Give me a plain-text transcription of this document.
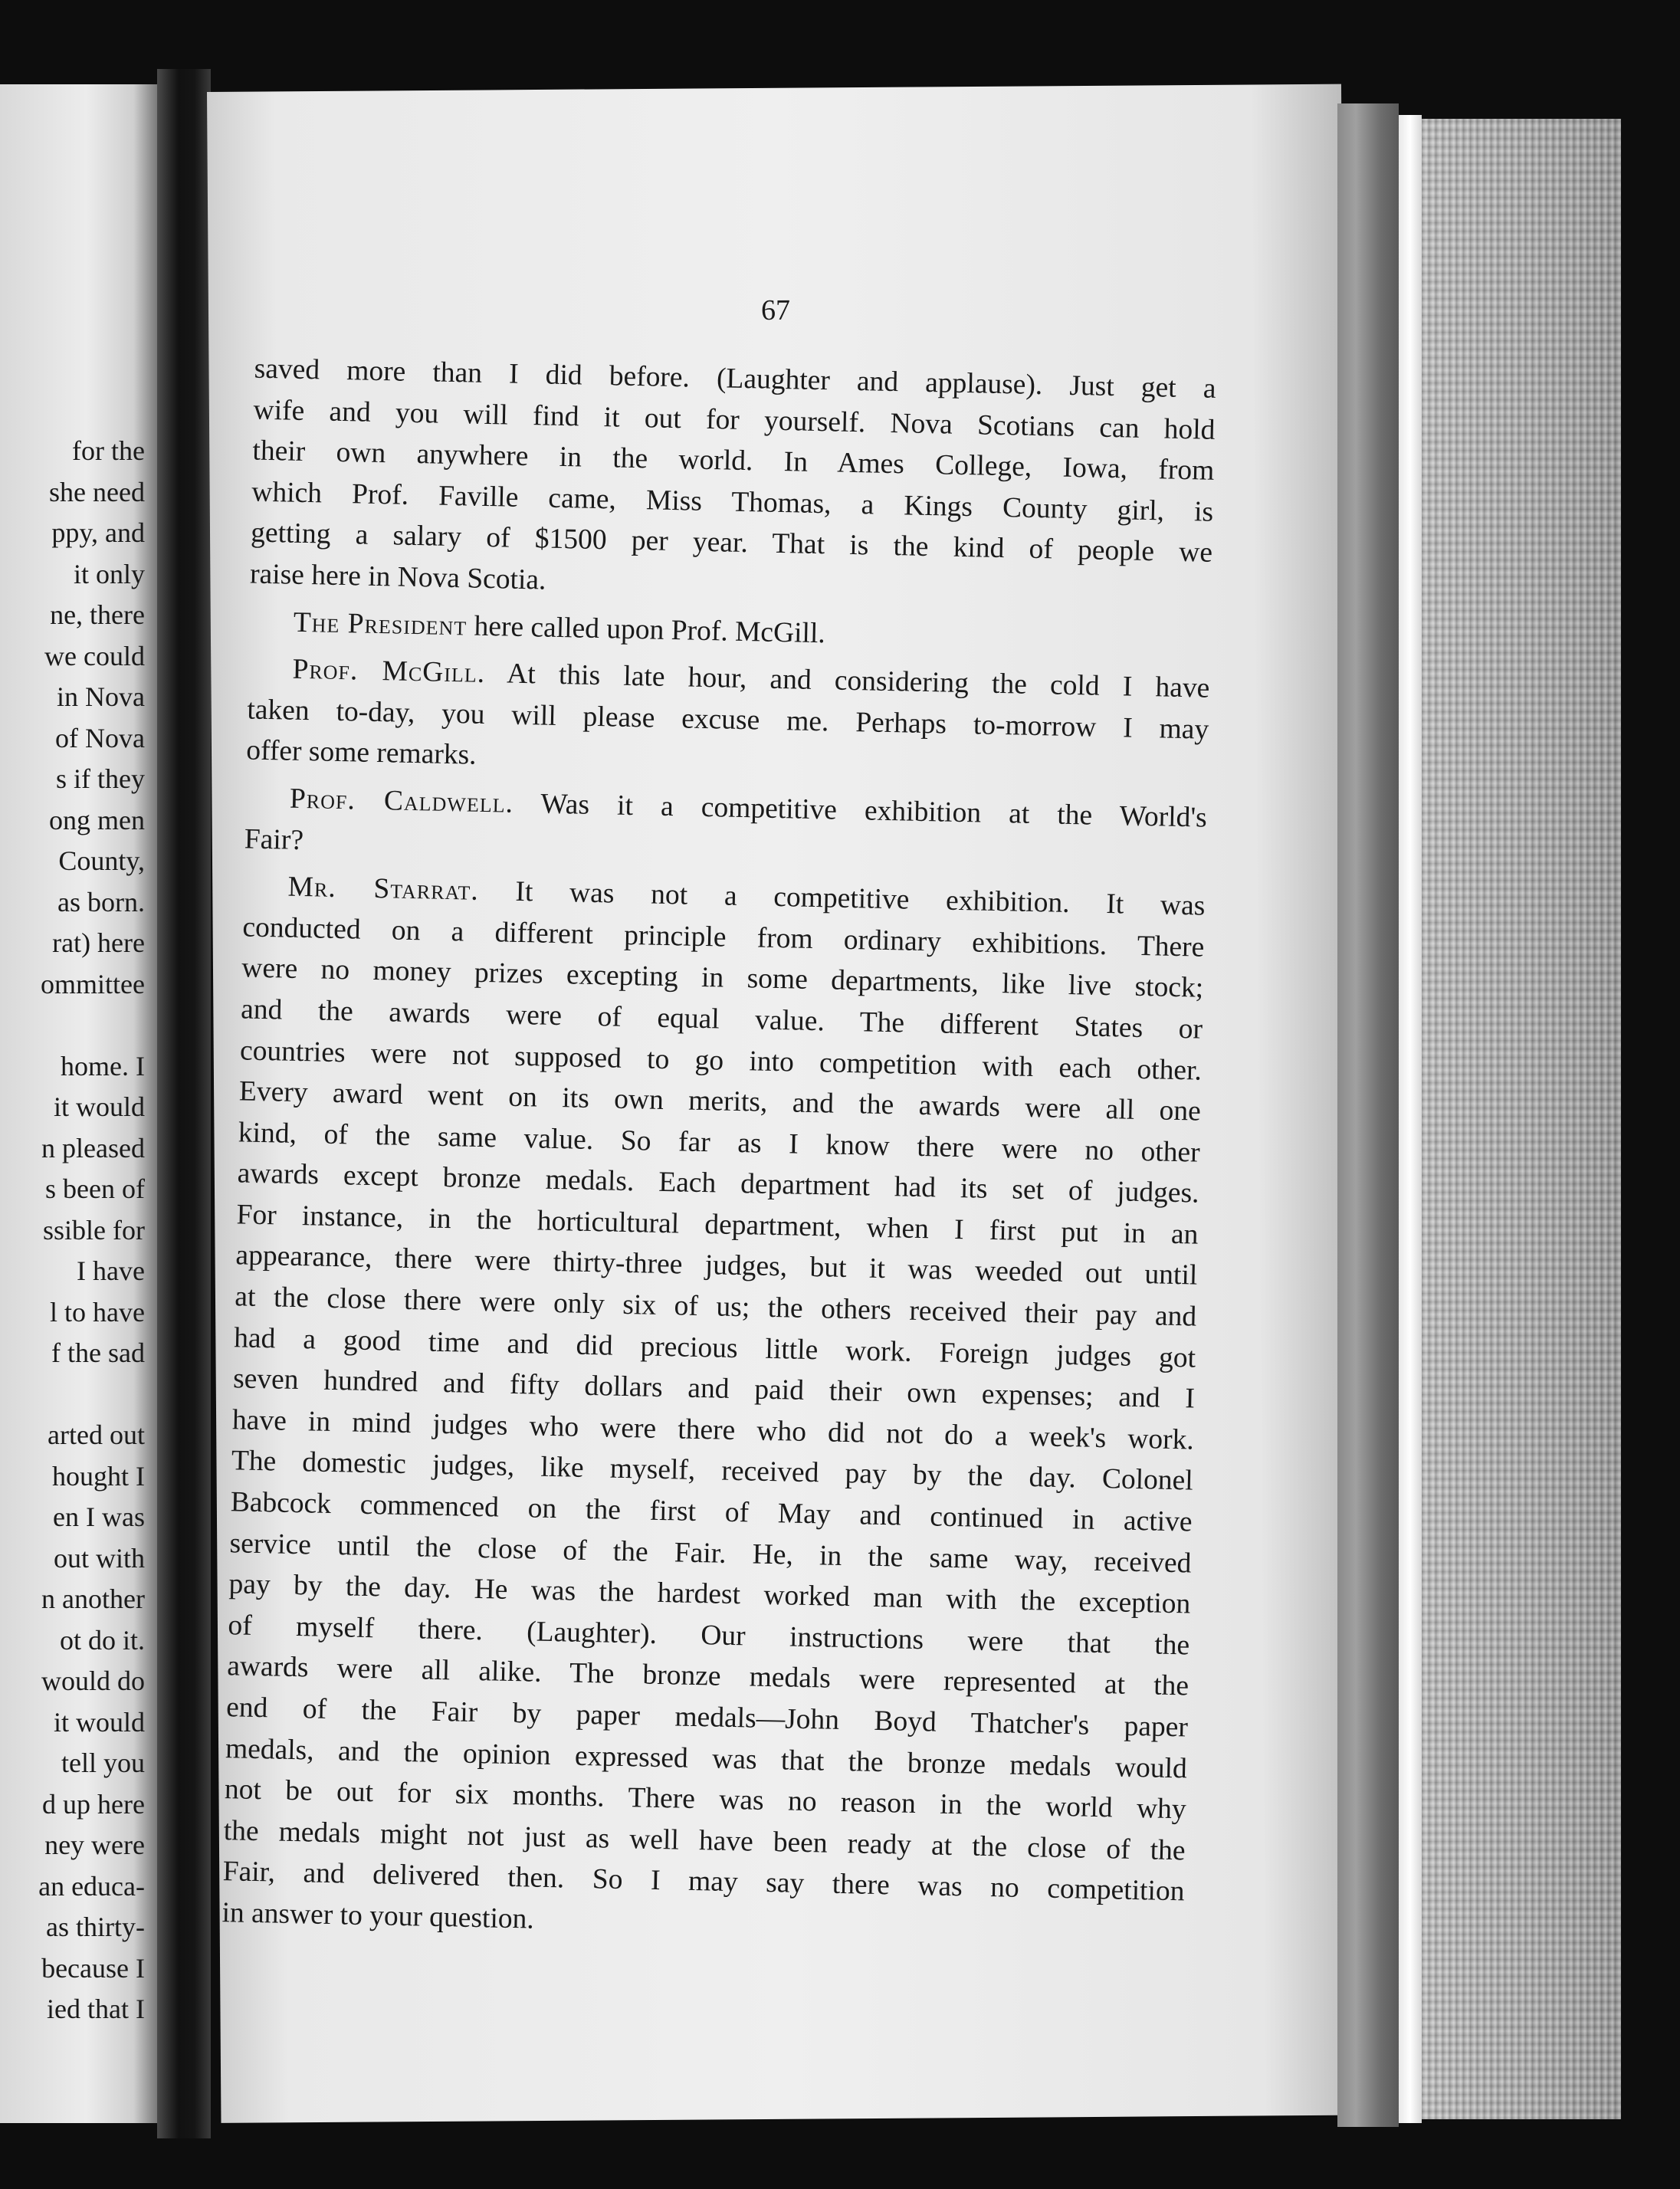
for the
she need
ppy, and
it only
ne, there
we could
in Nova
of Nova
s if they
ong men
County,
as born.
rat) here
ommittee
home. I
it would
n pleased
s been of
ssible for
I have
l to have
f the sad
arted out
hought I
en I was
out with
n another
ot do it.
would do
it would
tell you
d up here
ney were
an educa-
as thirty-
because I
ied that I
67

saved more than I did before. (Laughter and applause). Just get a
wife and you will find it out for yourself. Nova Scotians can hold
their own anywhere in the world. In Ames College, Iowa, from
which Prof. Faville came, Miss Thomas, a Kings County girl, is
getting a salary of $1500 per year. That is the kind of people we
raise here in Nova Scotia.

The President here called upon Prof. McGill.

Prof. McGill. At this late hour, and considering the cold I have
taken to-day, you will please excuse me. Perhaps to-morrow I may
offer some remarks.

Prof. Caldwell. Was it a competitive exhibition at the World's
Fair?

Mr. Starrat. It was not a competitive exhibition. It was
conducted on a different principle from ordinary exhibitions. There
were no money prizes excepting in some departments, like live stock;
and the awards were of equal value. The different States or
countries were not supposed to go into competition with each other.
Every award went on its own merits, and the awards were all one
kind, of the same value. So far as I know there were no other
awards except bronze medals. Each department had its set of judges.
For instance, in the horticultural department, when I first put in an
appearance, there were thirty-three judges, but it was weeded out until
at the close there were only six of us; the others received their pay and
had a good time and did precious little work. Foreign judges got
seven hundred and fifty dollars and paid their own expenses; and I
have in mind judges who were there who did not do a week's work.
The domestic judges, like myself, received pay by the day. Colonel
Babcock commenced on the first of May and continued in active
service until the close of the Fair. He, in the same way, received
pay by the day. He was the hardest worked man with the exception
of myself there. (Laughter). Our instructions were that the
awards were all alike. The bronze medals were represented at the
end of the Fair by paper medals—John Boyd Thatcher's paper
medals, and the opinion expressed was that the bronze medals would
not be out for six months. There was no reason in the world why
the medals might not just as well have been ready at the close of the
Fair, and delivered then. So I may say there was no competition
in answer to your question.
